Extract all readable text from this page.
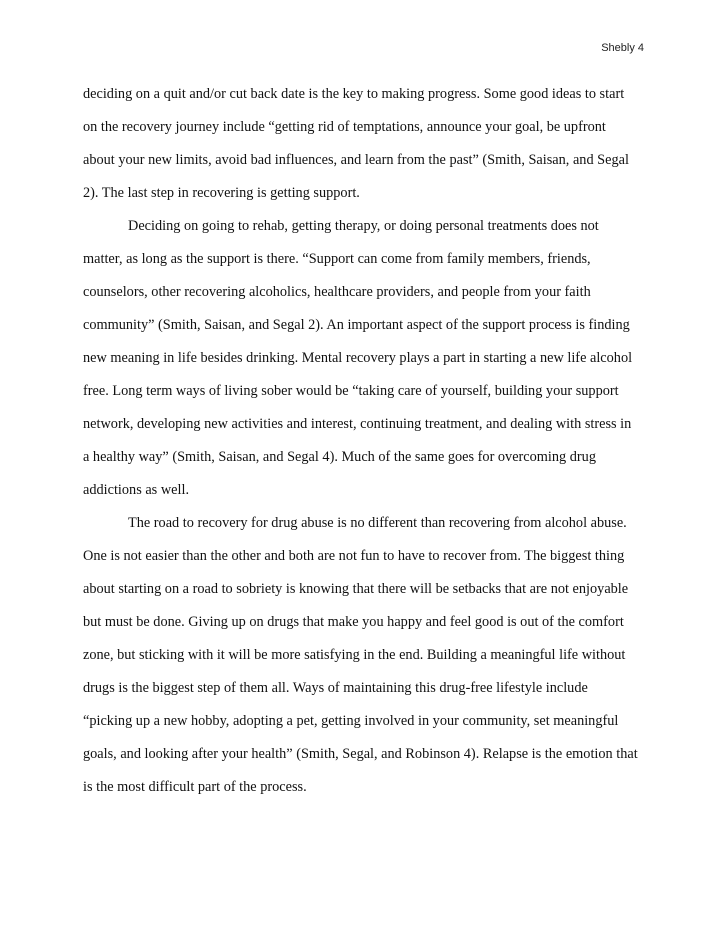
Shebly 4
deciding on a quit and/or cut back date is the key to making progress. Some good ideas to start
on the recovery journey include “getting rid of temptations, announce your goal, be upfront
about your new limits, avoid bad influences, and learn from the past” (Smith, Saisan, and Segal
2). The last step in recovering is getting support.
Deciding on going to rehab, getting therapy, or doing personal treatments does not
matter, as long as the support is there. “Support can come from family members, friends,
counselors, other recovering alcoholics, healthcare providers, and people from your faith
community” (Smith, Saisan, and Segal 2). An important aspect of the support process is finding
new meaning in life besides drinking. Mental recovery plays a part in starting a new life alcohol
free. Long term ways of living sober would be “taking care of yourself, building your support
network, developing new activities and interest, continuing treatment, and dealing with stress in
a healthy way” (Smith, Saisan, and Segal 4). Much of the same goes for overcoming drug
addictions as well.
The road to recovery for drug abuse is no different than recovering from alcohol abuse.
One is not easier than the other and both are not fun to have to recover from. The biggest thing
about starting on a road to sobriety is knowing that there will be setbacks that are not enjoyable
but must be done. Giving up on drugs that make you happy and feel good is out of the comfort
zone, but sticking with it will be more satisfying in the end. Building a meaningful life without
drugs is the biggest step of them all. Ways of maintaining this drug-free lifestyle include
“picking up a new hobby, adopting a pet, getting involved in your community, set meaningful
goals, and looking after your health” (Smith, Segal, and Robinson 4). Relapse is the emotion that
is the most difficult part of the process.
